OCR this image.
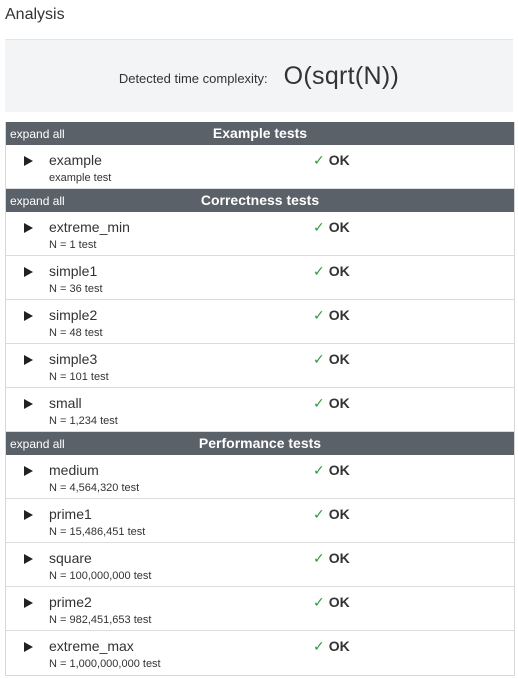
Analysis
Detected time complexity: O(sqrt(N))
expand all	Example tests
example
example test
✓ OK
expand all	Correctness tests
extreme_min
N = 1 test
✓ OK
simple1
N = 36 test
✓ OK
simple2
N = 48 test
✓ OK
simple3
N = 101 test
✓ OK
small
N = 1,234 test
✓ OK
expand all	Performance tests
medium
N = 4,564,320 test
✓ OK
prime1
N = 15,486,451 test
✓ OK
square
N = 100,000,000 test
✓ OK
prime2
N = 982,451,653 test
✓ OK
extreme_max
N = 1,000,000,000 test
✓ OK
